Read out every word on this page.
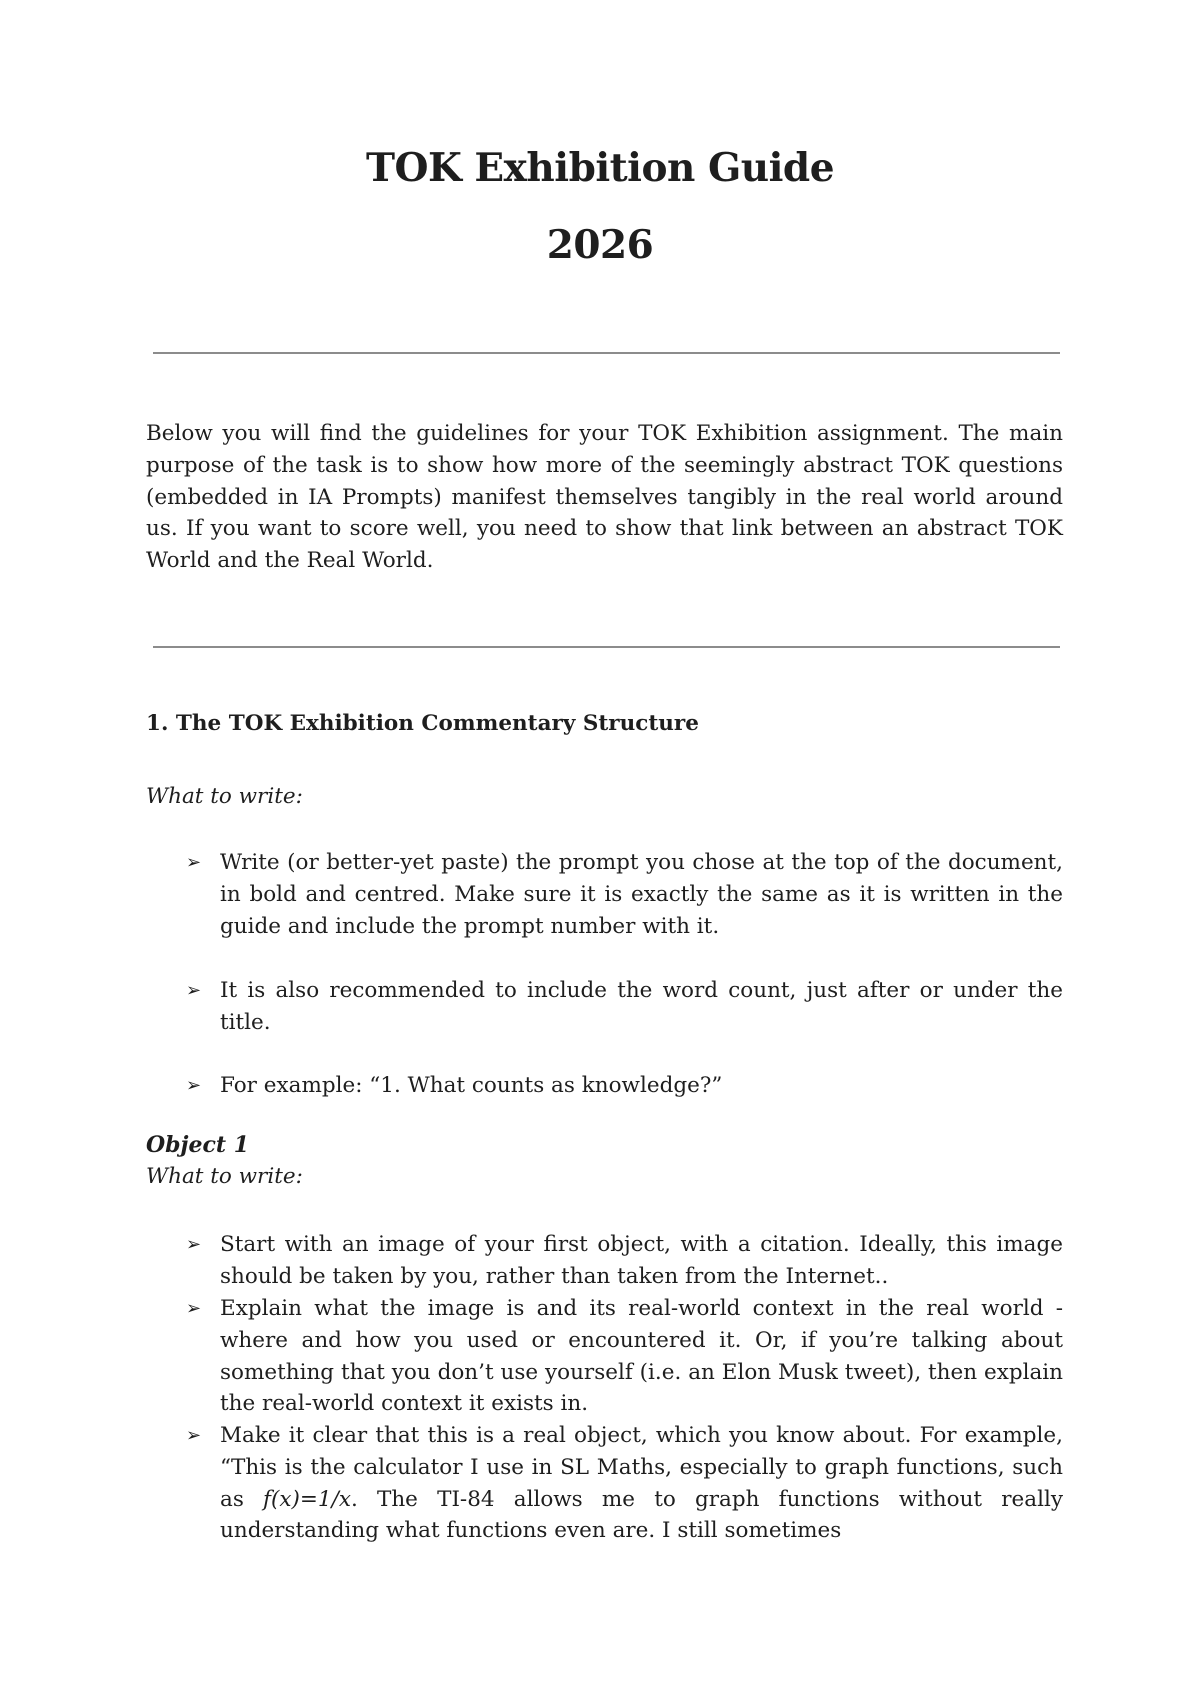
TOK Exhibition Guide
2026

Below you will find the guidelines for your TOK Exhibition assignment. The main purpose of the task is to show how more of the seemingly abstract TOK questions (embedded in IA Prompts) manifest themselves tangibly in the real world around us. If you want to score well, you need to show that link between an abstract TOK World and the Real World.

1. The TOK Exhibition Commentary Structure

What to write:

➢ Write (or better-yet paste) the prompt you chose at the top of the document, in bold and centred. Make sure it is exactly the same as it is written in the guide and include the prompt number with it.

➢ It is also recommended to include the word count, just after or under the title.

➢ For example: “1. What counts as knowledge?”

Object 1

What to write:

➢ Start with an image of your first object, with a citation. Ideally, this image should be taken by you, rather than taken from the Internet..

➢ Explain what the image is and its real-world context in the real world - where and how you used or encountered it. Or, if you’re talking about something that you don’t use yourself (i.e. an Elon Musk tweet), then explain the real-world context it exists in.

➢ Make it clear that this is a real object, which you know about. For example, “This is the calculator I use in SL Maths, especially to graph functions, such as f(x)=1/x. The TI-84 allows me to graph functions without really understanding what functions even are. I still sometimes
